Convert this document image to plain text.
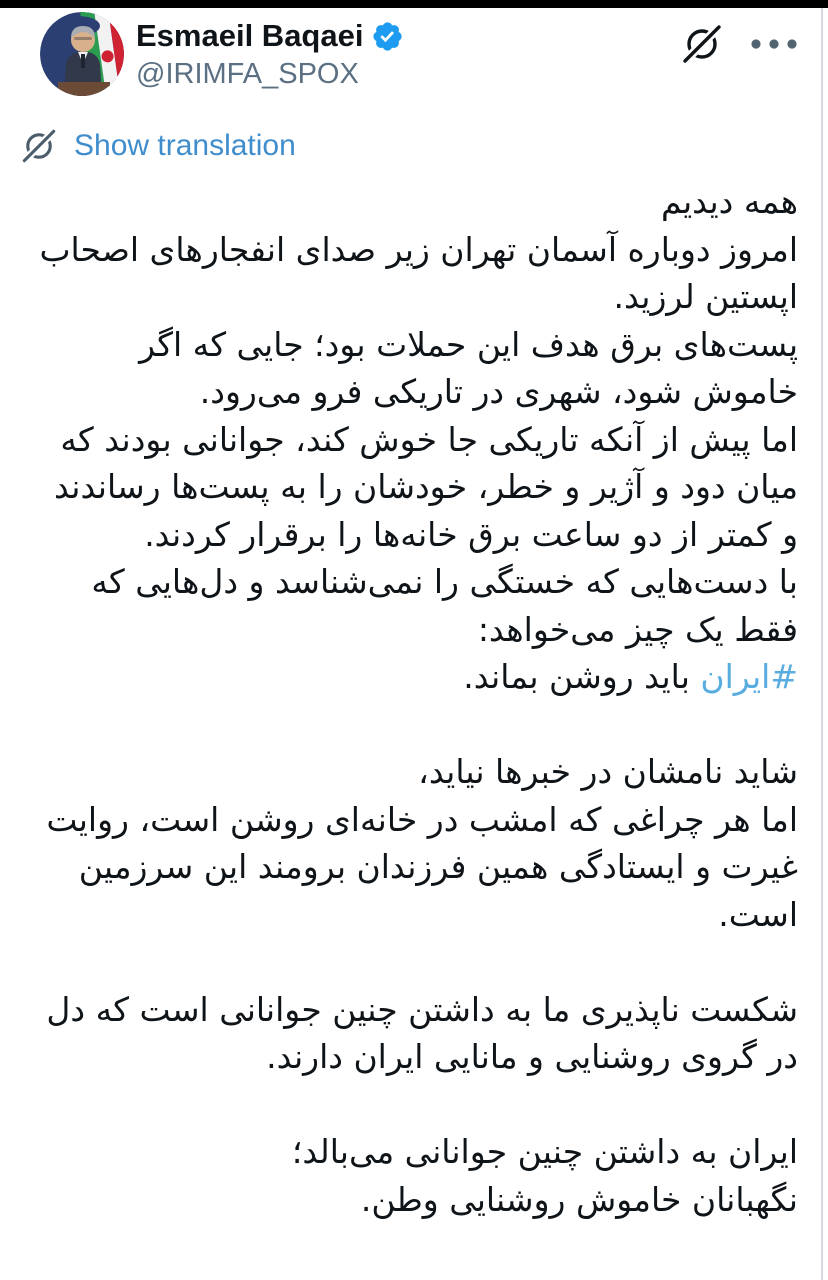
﻿
Esmaeil Baqaei
@IRIMFA_SPOX
Show translation

همه دیدیم

امروز دوباره آسمان تهران زیر صدای انفجارهای اصحاب اپستین لرزید.

پست‌های برق هدف این حملات بود؛ جایی که اگر خاموش شود، شهری در تاریکی فرو می‌رود.

اما پیش از آنکه تاریکی جا خوش کند، جوانانی بودند که میان دود و آژیر و خطر، خودشان را به پست‌ها رساندند و کمتر از دو ساعت برق خانه‌ها را برقرار کردند.

با دست‌هایی که خستگی را نمی‌شناسد و دل‌هایی که فقط یک چیز می‌خواهد:

#ایران باید روشن بماند.

شاید نامشان در خبرها نیاید،

اما هر چراغی که امشب در خانه‌ای روشن است، روایت غیرت و ایستادگی همین فرزندان برومند این سرزمین است.

شکست ناپذیری ما به داشتن چنین جوانانی است که دل در گروی روشنایی و مانایی ایران دارند.

ایران به داشتن چنین جوانانی می‌بالد؛

نگهبانان خاموش روشنایی وطن.
